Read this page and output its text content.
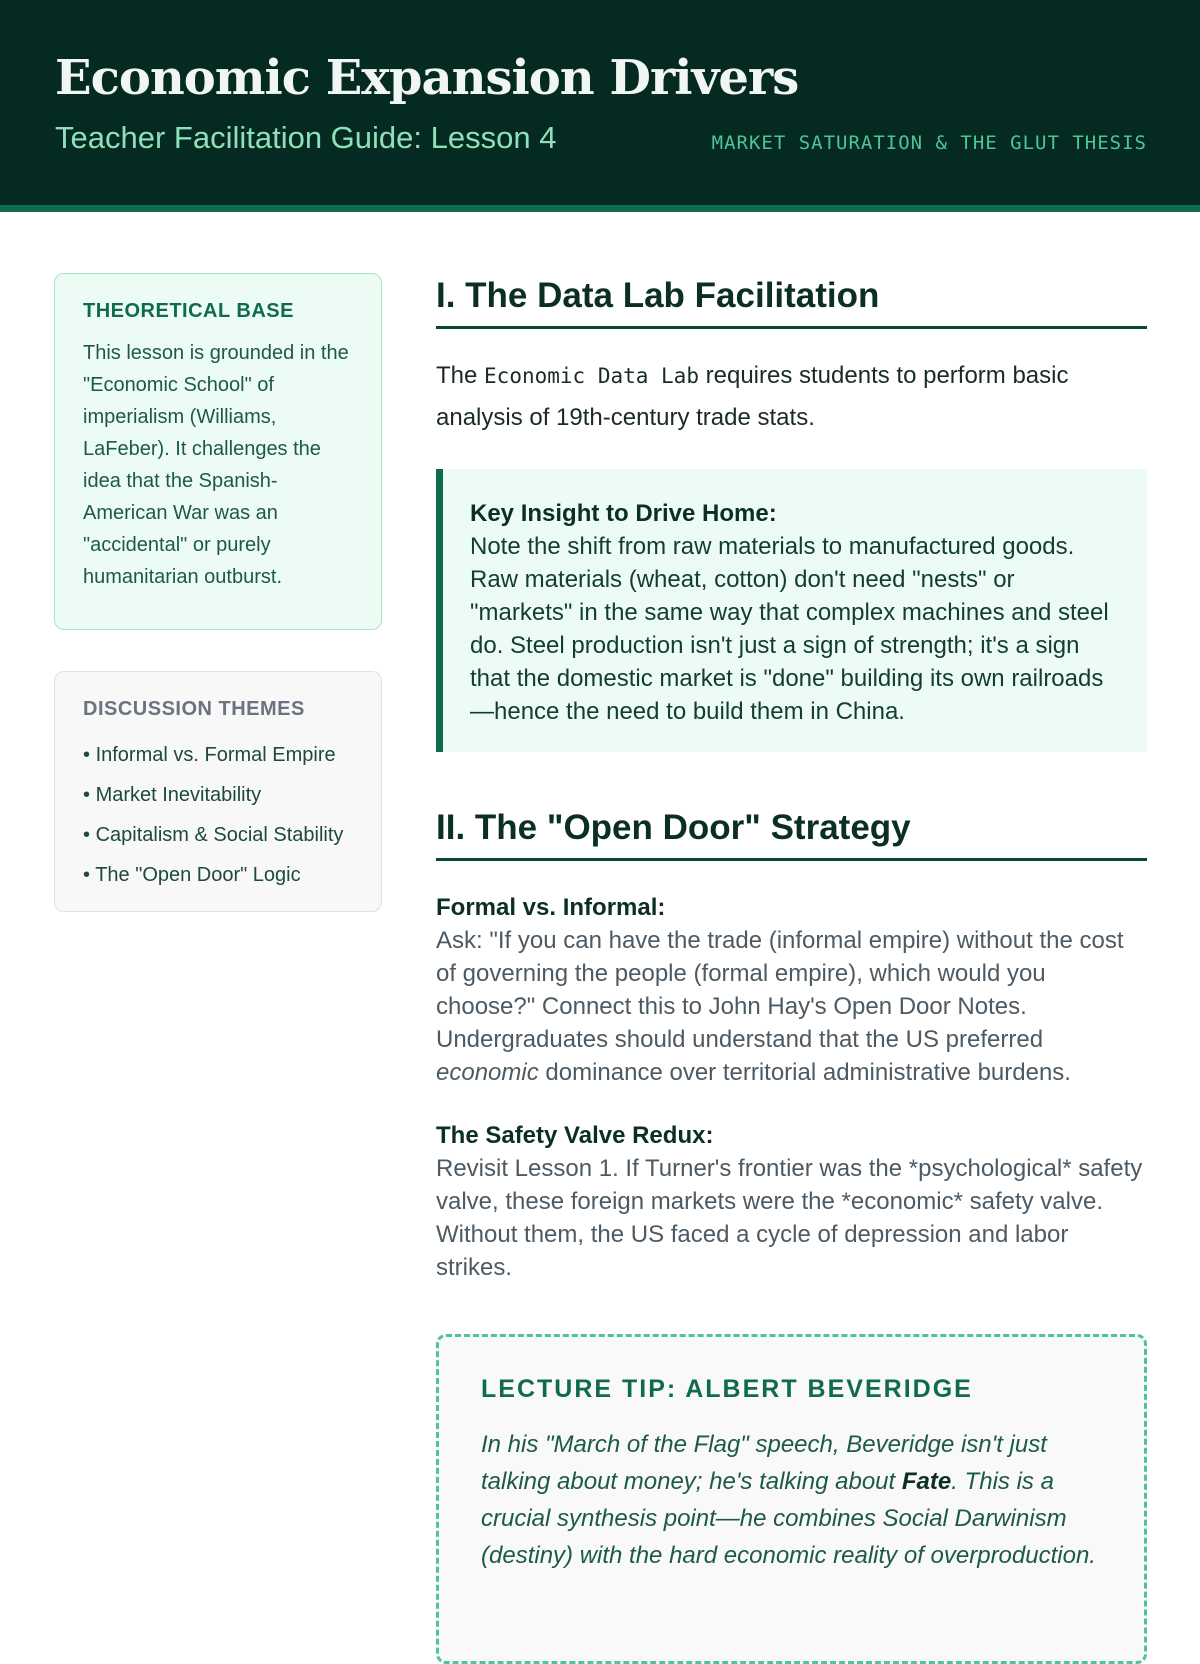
Economic Expansion Drivers
Teacher Facilitation Guide: Lesson 4	MARKET SATURATION & THE GLUT THESIS
THEORETICAL BASE
This lesson is grounded in the "Economic School" of imperialism (Williams, LaFeber). It challenges the idea that the Spanish-American War was an "accidental" or purely humanitarian outburst.
DISCUSSION THEMES
• Informal vs. Formal Empire
• Market Inevitability
• Capitalism & Social Stability
• The "Open Door" Logic
I. The Data Lab Facilitation

The Economic Data Lab requires students to perform basic analysis of 19th-century trade stats.

Key Insight to Drive Home:
Note the shift from raw materials to manufactured goods. Raw materials (wheat, cotton) don't need "nests" or "markets" in the same way that complex machines and steel do. Steel production isn't just a sign of strength; it's a sign that the domestic market is "done" building its own railroads—hence the need to build them in China.
II. The "Open Door" Strategy
Formal vs. Informal:
Ask: "If you can have the trade (informal empire) without the cost of governing the people (formal empire), which would you choose?" Connect this to John Hay's Open Door Notes. Undergraduates should understand that the US preferred economic dominance over territorial administrative burdens.
The Safety Valve Redux:
Revisit Lesson 1. If Turner's frontier was the *psychological* safety valve, these foreign markets were the *economic* safety valve. Without them, the US faced a cycle of depression and labor strikes.
LECTURE TIP: ALBERT BEVERIDGE
In his "March of the Flag" speech, Beveridge isn't just talking about money; he's talking about Fate. This is a crucial synthesis point—he combines Social Darwinism (destiny) with the hard economic reality of overproduction.
